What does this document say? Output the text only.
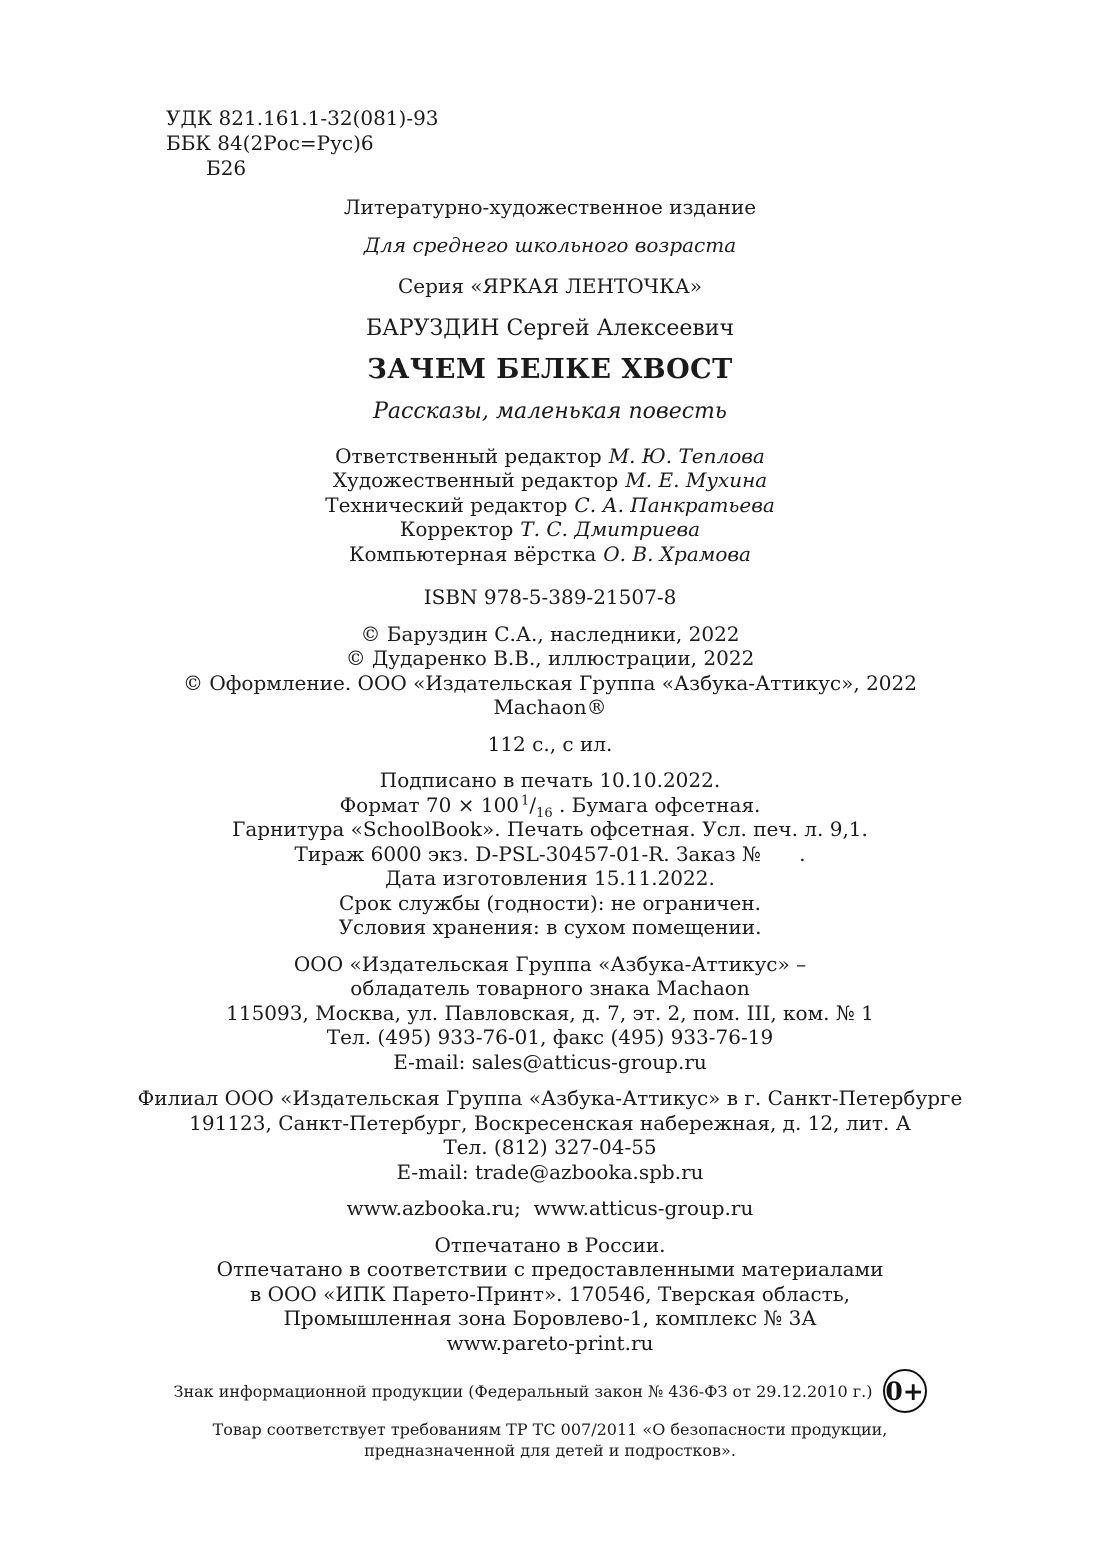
УДК 821.161.1-32(081)-93
ББК 84(2Рос=Рус)6
Б26
Литературно-художественное издание
Для среднего школьного возраста
Серия «ЯРКАЯ ЛЕНТОЧКА»
БАРУЗДИН Сергей Алексеевич
ЗАЧЕМ БЕЛКЕ ХВОСТ
Рассказы, маленькая повесть
Ответственный редактор М. Ю. Теплова
Художественный редактор М. Е. Мухина
Технический редактор С. А. Панкратьева
Корректор Т. С. Дмитриева
Компьютерная вёрстка О. В. Храмова
ISBN 978-5-389-21507-8
© Баруздин С.А., наследники, 2022
© Дударенко В.В., иллюстрации, 2022
© Оформление. ООО «Издательская Группа «Азбука-Аттикус», 2022
Machaon®
112 с., с ил.
Подписано в печать 10.10.2022.
Формат 70 × 100  $^1/_{16}$ . Бумага офсетная.
Гарнитура «SchoolBook». Печать офсетная. Усл. печ. л. 9,1.
Тираж 6000 экз. D-PSL-30457-01-R. Заказ №      .
Дата изготовления 15.11.2022.
Срок службы (годности): не ограничен.
Условия хранения: в сухом помещении.
ООО «Издательская Группа «Азбука-Аттикус» –
обладатель товарного знака Machaon
115093, Москва, ул. Павловская, д. 7, эт. 2, пом. III, ком. № 1
Тел. (495) 933-76-01, факс (495) 933-76-19
E-mail: sales@atticus-group.ru
Филиал ООО «Издательская Группа «Азбука-Аттикус» в г. Санкт-Петербурге
191123, Санкт-Петербург, Воскресенская набережная, д. 12, лит. А
Тел. (812) 327-04-55
E-mail: trade@azbooka.spb.ru
www.azbooka.ru;  www.atticus-group.ru
Отпечатано в России.
Отпечатано в соответствии с предоставленными материалами
в ООО «ИПК Парето-Принт». 170546, Тверская область,
Промышленная зона Боровлево-1, комплекс № 3А
www.pareto-print.ru
Знак информационной продукции (Федеральный закон № 436-ФЗ от 29.12.2010 г.) 0+
Товар соответствует требованиям ТР ТС 007/2011 «О безопасности продукции,
предназначенной для детей и подростков».
